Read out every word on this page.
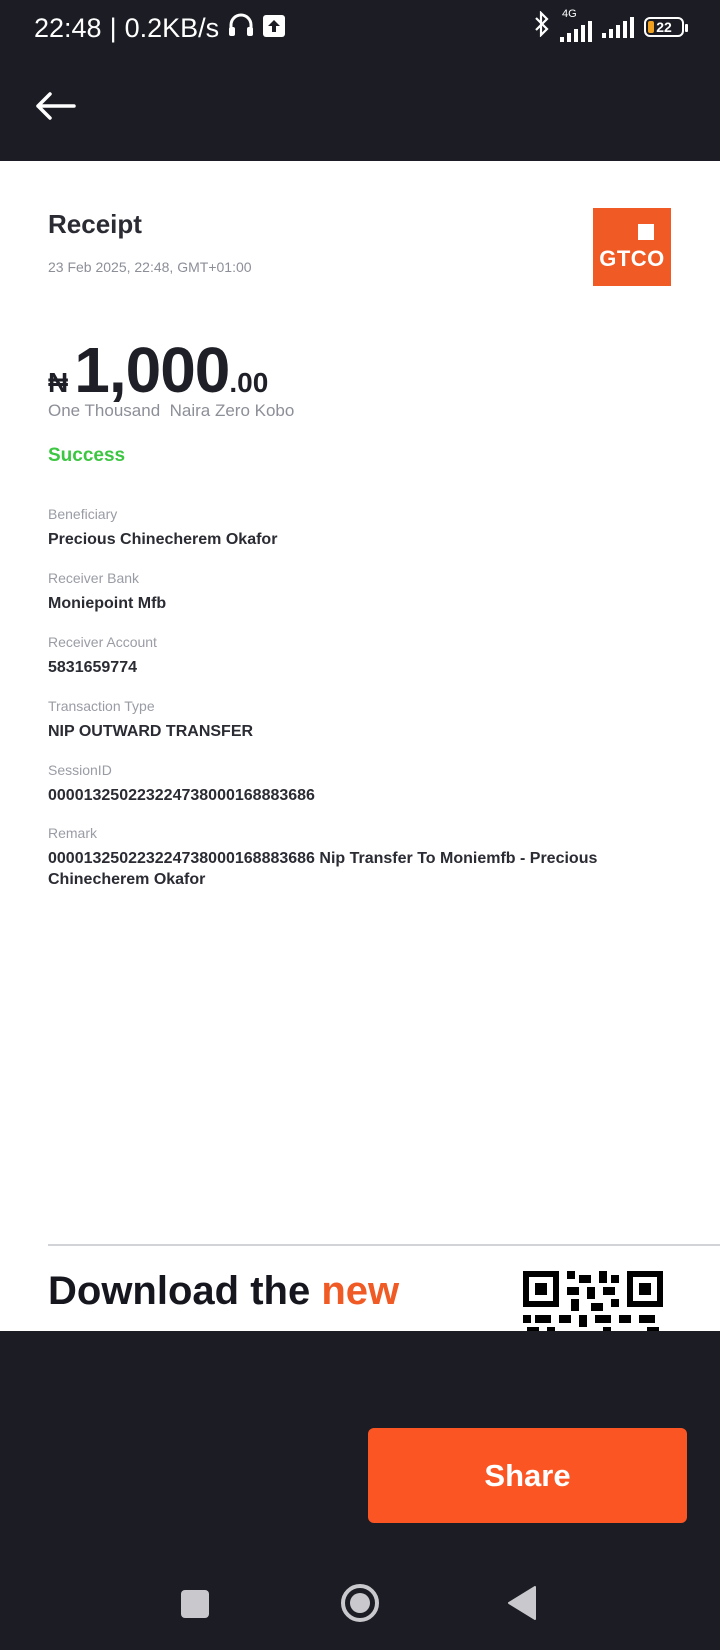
22:48 | 0.2KB/s	4G
22
Receipt
23 Feb 2025, 22:48, GMT+01:00	GTCO
₦ 1,000 .00
One Thousand  Naira Zero Kobo
Success
Beneficiary
Precious Chinecherem Okafor
Receiver Bank
Moniepoint Mfb
Receiver Account
5831659774
Transaction Type
NIP OUTWARD TRANSFER
SessionID
000013250223224738000168883686
Remark
000013250223224738000168883686 Nip Transfer To Moniemfb - Precious Chinecherem Okafor
Download the new
Share
